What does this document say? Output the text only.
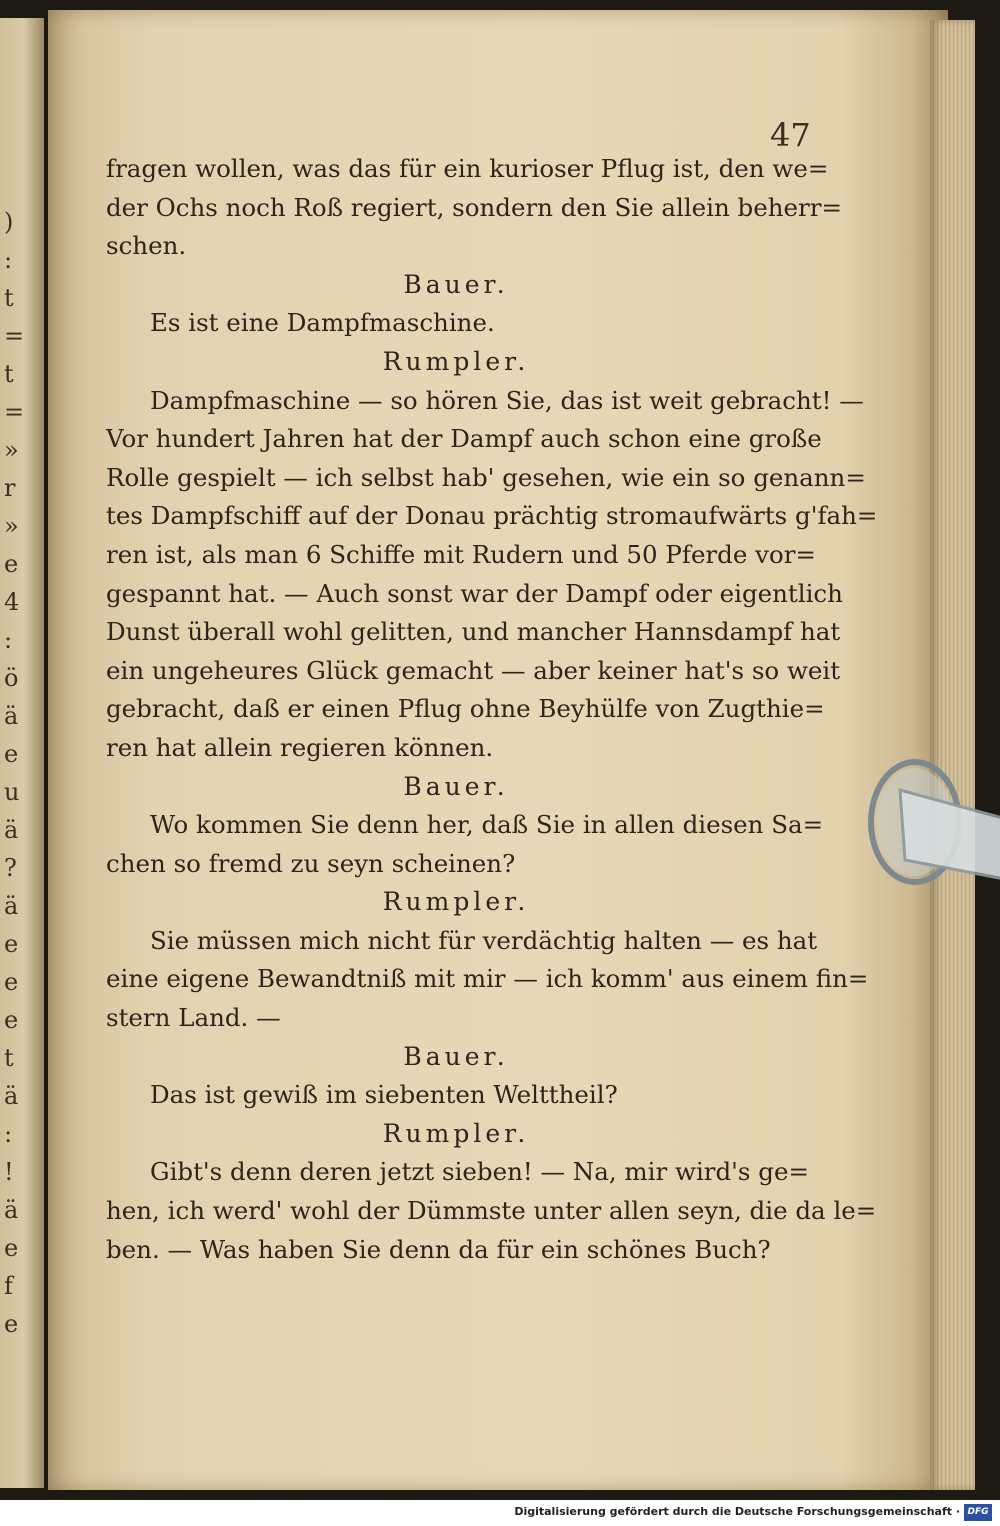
)
:
t
=
t
=
»
r
»
e
4
:
ö
ä
e
u
ä
?
ä
e
e
e
t
ä
:
!
ä
e
f
e
47
fragen wollen, was das für ein kurioser Pflug ist, den we=
der Ochs noch Roß regiert, sondern den Sie allein beherr=
schen.
Bauer.
Es ist eine Dampfmaschine.
Rumpler.
Dampfmaschine — so hören Sie, das ist weit gebracht! —
Vor hundert Jahren hat der Dampf auch schon eine große
Rolle gespielt — ich selbst hab' gesehen, wie ein so genann=
tes Dampfschiff auf der Donau prächtig stromaufwärts g'fah=
ren ist, als man 6 Schiffe mit Rudern und 50 Pferde vor=
gespannt hat. — Auch sonst war der Dampf oder eigentlich
Dunst überall wohl gelitten, und mancher Hannsdampf hat
ein ungeheures Glück gemacht — aber keiner hat's so weit
gebracht, daß er einen Pflug ohne Beyhülfe von Zugthie=
ren hat allein regieren können.
Bauer.
Wo kommen Sie denn her, daß Sie in allen diesen Sa=
chen so fremd zu seyn scheinen?
Rumpler.
Sie müssen mich nicht für verdächtig halten — es hat
eine eigene Bewandtniß mit mir — ich komm' aus einem fin=
stern Land. —
Bauer.
Das ist gewiß im siebenten Welttheil?
Rumpler.
Gibt's denn deren jetzt sieben! — Na, mir wird's ge=
hen, ich werd' wohl der Dümmste unter allen seyn, die da le=
ben. — Was haben Sie denn da für ein schönes Buch?
Digitalisierung gefördert durch die Deutsche Forschungsgemeinschaft · DFG
